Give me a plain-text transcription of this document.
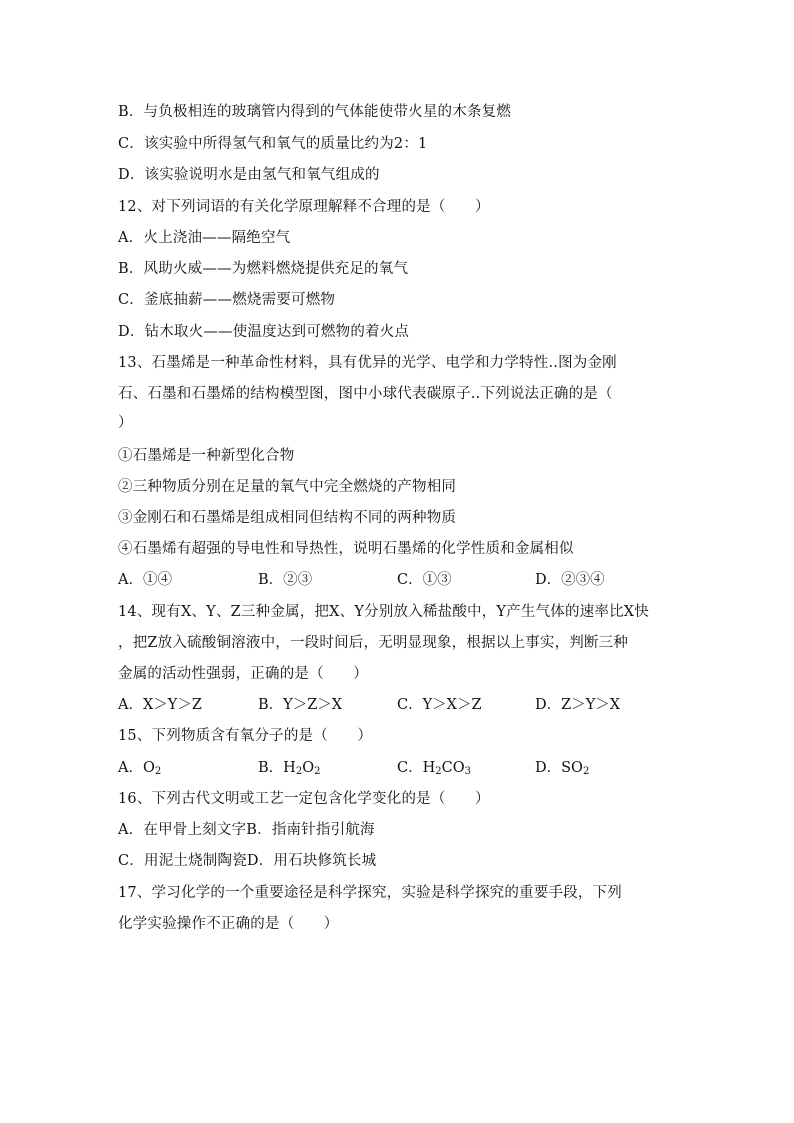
B．与负极相连的玻璃管内得到的气体能使带火星的木条复燃
C．该实验中所得氢气和氧气的质量比约为2：1
D．该实验说明水是由氢气和氧气组成的
12、对下列词语的有关化学原理解释不合理的是（　　）
A．火上浇油——隔绝空气
B．风助火威——为燃料燃烧提供充足的氧气
C．釜底抽薪——燃烧需要可燃物
D．钻木取火——使温度达到可燃物的着火点
13、石墨烯是一种革命性材料，具有优异的光学、电学和力学特性..图为金刚
石、石墨和石墨烯的结构模型图，图中小球代表碳原子..下列说法正确的是（
）
①石墨烯是一种新型化合物
②三种物质分别在足量的氧气中完全燃烧的产物相同
③金刚石和石墨烯是组成相同但结构不同的两种物质
④石墨烯有超强的导电性和导热性，说明石墨烯的化学性质和金属相似
A．①④	B．②③	C．①③	D．②③④
14、现有X、Y、Z三种金属，把X、Y分别放入稀盐酸中，Y产生气体的速率比X快
，把Z放入硫酸铜溶液中，一段时间后，无明显现象，根据以上事实，判断三种
金属的活动性强弱，正确的是（　　）
A．X＞Y＞Z	B．Y＞Z＞X	C．Y＞X＞Z	D．Z＞Y＞X
15、下列物质含有氧分子的是（　　）
A．$O_2$	B．$H_2O_2$	C．$H_2CO_3$	D．$SO_2$
16、下列古代文明或工艺一定包含化学变化的是（　　）
A．在甲骨上刻文字B．指南针指引航海
C．用泥土烧制陶瓷D．用石块修筑长城
17、学习化学的一个重要途径是科学探究，实验是科学探究的重要手段，下列
化学实验操作不正确的是（　　）
